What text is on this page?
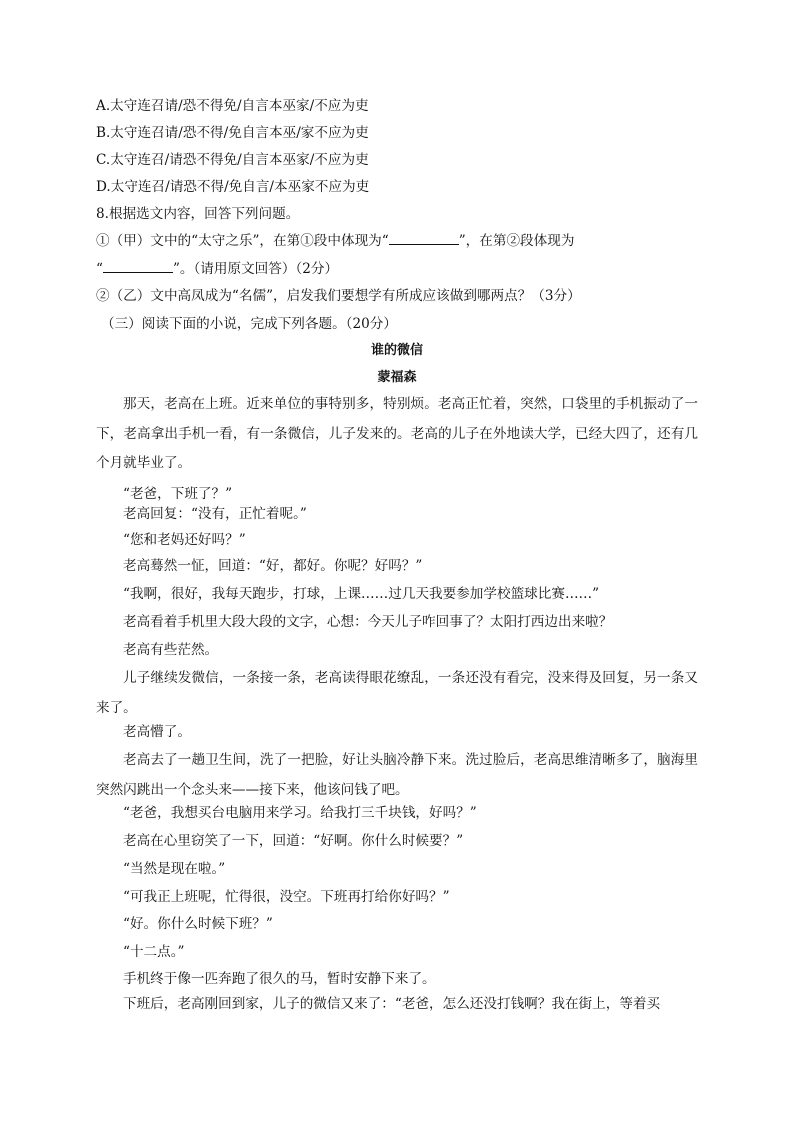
A.太守连召请/恐不得免/自言本巫家/不应为吏
B.太守连召请/恐不得/免自言本巫/家不应为吏
C.太守连召/请恐不得免/自言本巫家/不应为吏
D.太守连召/请恐不得/免自言/本巫家不应为吏
8.根据选文内容，回答下列问题。
①（甲）文中的“太守之乐”，在第①段中体现为“	”，在第②段体现为
“	”。（请用原文回答）（2分）
②（乙）文中高凤成为“名儒”，启发我们要想学有所成应该做到哪两点？（3分）
（三）阅读下面的小说，完成下列各题。（20分）
谁的微信
蒙福森
那天，老高在上班。近来单位的事特别多，特别烦。老高正忙着，突然，口袋里的手机振动了一下，老高拿出手机一看，有一条微信，儿子发来的。老高的儿子在外地读大学，已经大四了，还有几个月就毕业了。
“老爸，下班了？”
老高回复：“没有，正忙着呢。”
“您和老妈还好吗？”
老高蓦然一怔，回道：“好，都好。你呢？好吗？”
“我啊，很好，我每天跑步，打球，上课……过几天我要参加学校篮球比赛……”
老高看着手机里大段大段的文字，心想：今天儿子咋回事了？太阳打西边出来啦？
老高有些茫然。
儿子继续发微信，一条接一条，老高读得眼花缭乱，一条还没有看完，没来得及回复，另一条又来了。
老高懵了。
老高去了一趟卫生间，洗了一把脸，好让头脑冷静下来。洗过脸后，老高思维清晰多了，脑海里突然闪跳出一个念头来——接下来，他该问钱了吧。
“老爸，我想买台电脑用来学习。给我打三千块钱，好吗？”
老高在心里窃笑了一下，回道：“好啊。你什么时候要？”
“当然是现在啦。”
“可我正上班呢，忙得很，没空。下班再打给你好吗？”
“好。你什么时候下班？”
“十二点。”
手机终于像一匹奔跑了很久的马，暂时安静下来了。
下班后，老高刚回到家，儿子的微信又来了：“老爸，怎么还没打钱啊？我在街上，等着买
